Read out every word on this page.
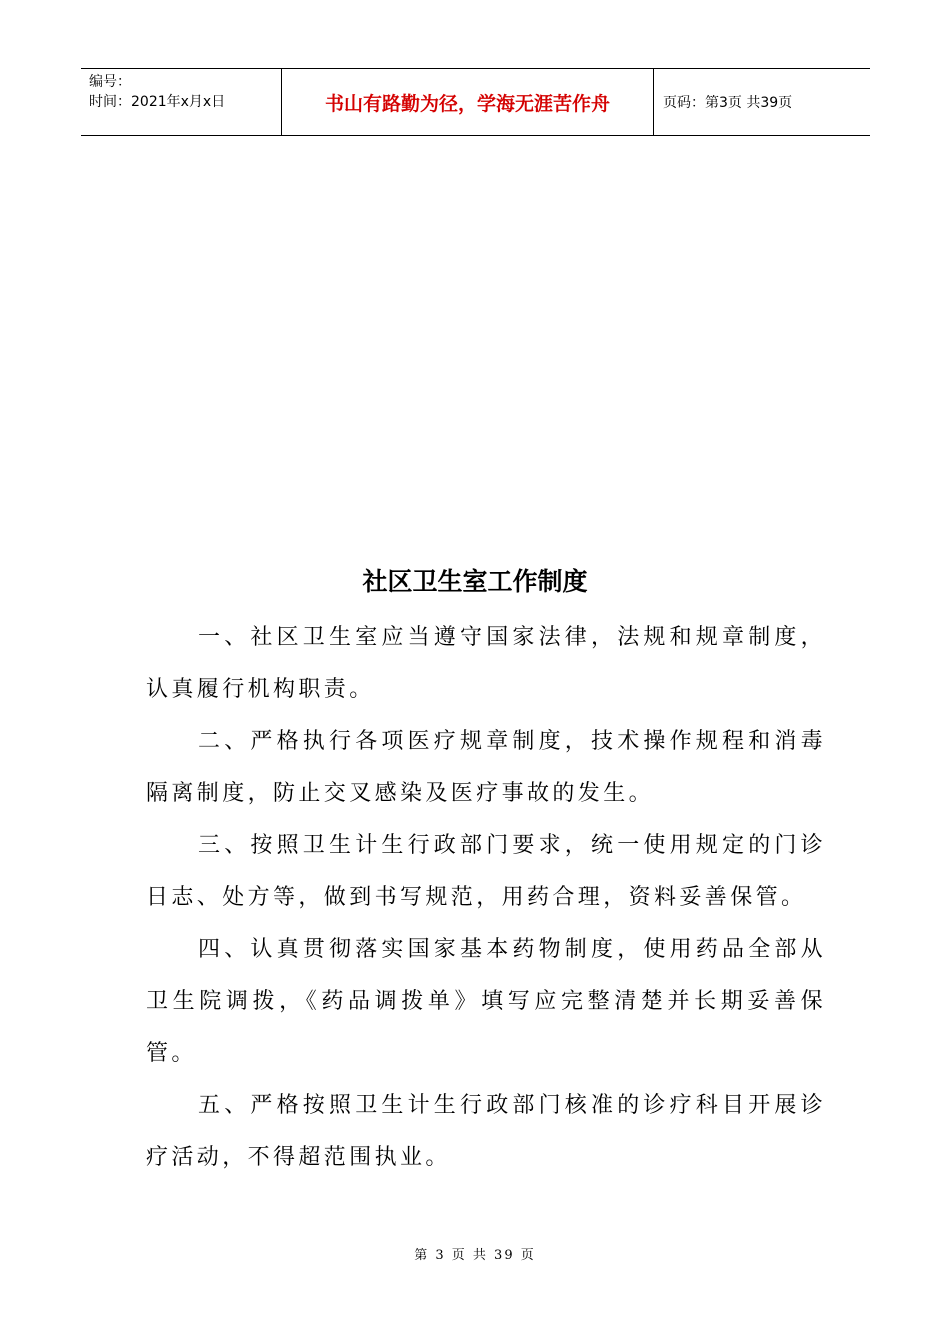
编号：
时间：2021年x月x日	书山有路勤为径，学海无涯苦作舟	页码：第3页 共39页
社区卫生室工作制度

一、社区卫生室应当遵守国家法律，法规和规章制度，认真履行机构职责。

二、严格执行各项医疗规章制度，技术操作规程和消毒隔离制度，防止交叉感染及医疗事故的发生。

三、按照卫生计生行政部门要求，统一使用规定的门诊日志、处方等，做到书写规范，用药合理，资料妥善保管。

四、认真贯彻落实国家基本药物制度，使用药品全部从卫生院调拨，《药品调拨单》填写应完整清楚并长期妥善保管。

五、严格按照卫生计生行政部门核准的诊疗科目开展诊疗活动，不得超范围执业。

第 3 页 共 39 页
